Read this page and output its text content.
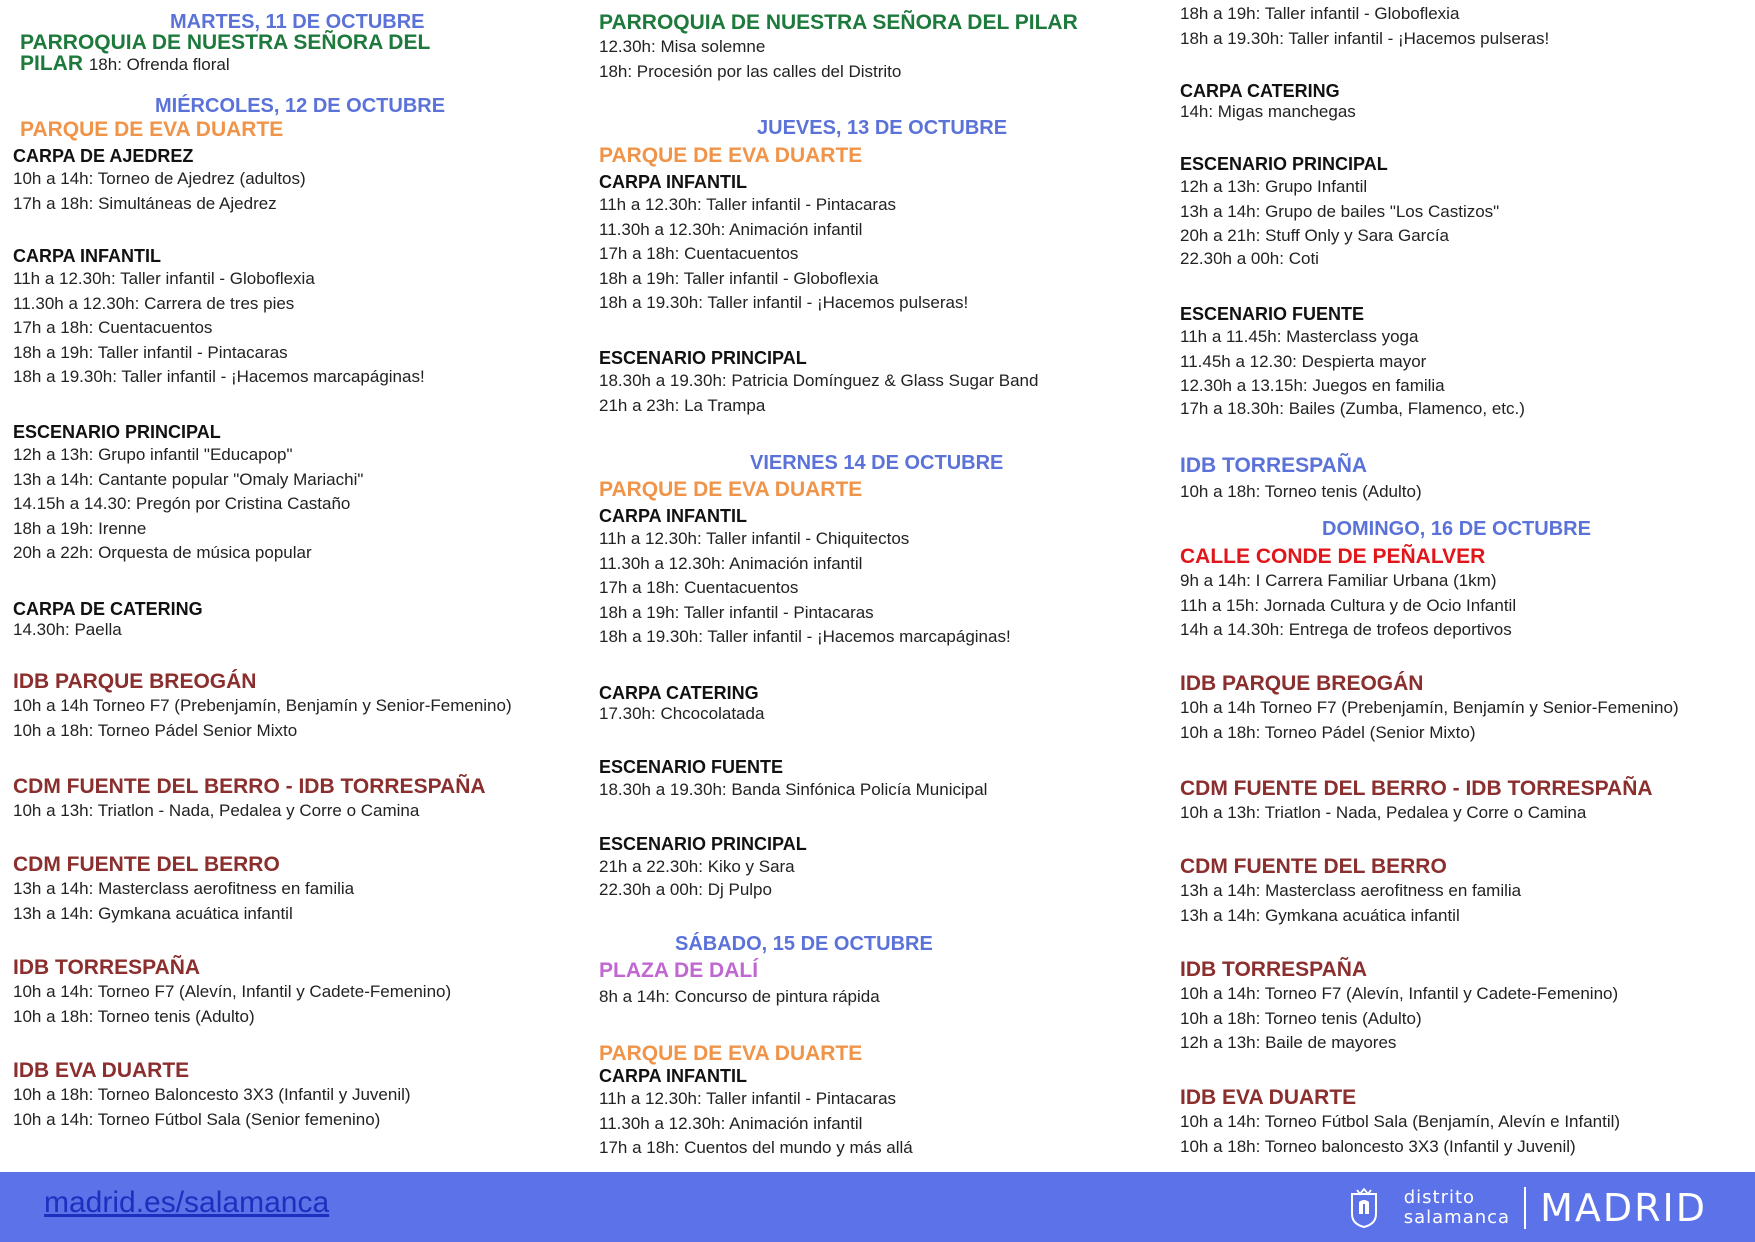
MARTES, 11 DE OCTUBRE
PARROQUIA DE NUESTRA SEÑORA DEL
PILAR 18h: Ofrenda floral
MIÉRCOLES, 12 DE OCTUBRE
PARQUE DE EVA DUARTE
CARPA DE AJEDREZ
10h a 14h: Torneo de Ajedrez (adultos)
17h a 18h: Simultáneas de Ajedrez
CARPA INFANTIL
11h a 12.30h: Taller infantil - Globoflexia
11.30h a 12.30h: Carrera de tres pies
17h a 18h: Cuentacuentos
18h a 19h: Taller infantil - Pintacaras
18h a 19.30h: Taller infantil - ¡Hacemos marcapáginas!
ESCENARIO PRINCIPAL
12h a 13h: Grupo infantil "Educapop"
13h a 14h: Cantante popular "Omaly Mariachi"
14.15h a 14.30: Pregón por Cristina Castaño
18h a 19h: Irenne
20h a 22h: Orquesta de música popular
CARPA DE CATERING
14.30h: Paella
IDB PARQUE BREOGÁN
10h a 14h Torneo F7 (Prebenjamín, Benjamín y Senior-Femenino)
10h a 18h: Torneo Pádel Senior Mixto
CDM FUENTE DEL BERRO - IDB TORRESPAÑA
10h a 13h: Triatlon - Nada, Pedalea y Corre o Camina
CDM FUENTE DEL BERRO
13h a 14h: Masterclass aerofitness en familia
13h a 14h: Gymkana acuática infantil
IDB TORRESPAÑA
10h a 14h: Torneo F7 (Alevín, Infantil y Cadete-Femenino)
10h a 18h: Torneo tenis (Adulto)
IDB EVA DUARTE
10h a 18h: Torneo Baloncesto 3X3 (Infantil y Juvenil)
10h a 14h: Torneo Fútbol Sala (Senior femenino)
PARROQUIA DE NUESTRA SEÑORA DEL PILAR
12.30h: Misa solemne
18h: Procesión por las calles del Distrito
JUEVES, 13 DE OCTUBRE
PARQUE DE EVA DUARTE
CARPA INFANTIL
11h a 12.30h: Taller infantil - Pintacaras
11.30h a 12.30h: Animación infantil
17h a 18h: Cuentacuentos
18h a 19h: Taller infantil - Globoflexia
18h a 19.30h: Taller infantil - ¡Hacemos pulseras!
ESCENARIO PRINCIPAL
18.30h a 19.30h: Patricia Domínguez & Glass Sugar Band
21h a 23h: La Trampa
VIERNES 14 DE OCTUBRE
PARQUE DE EVA DUARTE
CARPA INFANTIL
11h a 12.30h: Taller infantil - Chiquitectos
11.30h a 12.30h: Animación infantil
17h a 18h: Cuentacuentos
18h a 19h: Taller infantil - Pintacaras
18h a 19.30h: Taller infantil - ¡Hacemos marcapáginas!
CARPA CATERING
17.30h: Chcocolatada
ESCENARIO FUENTE
18.30h a 19.30h: Banda Sinfónica Policía Municipal
ESCENARIO PRINCIPAL
21h a 22.30h: Kiko y Sara
22.30h a 00h: Dj Pulpo
SÁBADO, 15 DE OCTUBRE
PLAZA DE DALÍ
8h a 14h: Concurso de pintura rápida
PARQUE DE EVA DUARTE
CARPA INFANTIL
11h a 12.30h: Taller infantil - Pintacaras
11.30h a 12.30h: Animación infantil
17h a 18h: Cuentos del mundo y más allá
18h a 19h: Taller infantil - Globoflexia
18h a 19.30h: Taller infantil - ¡Hacemos pulseras!
CARPA CATERING
14h: Migas manchegas
ESCENARIO PRINCIPAL
12h a 13h: Grupo Infantil
13h a 14h: Grupo de bailes "Los Castizos"
20h a 21h: Stuff Only y Sara García
22.30h a 00h: Coti
ESCENARIO FUENTE
11h a 11.45h: Masterclass yoga
11.45h a 12.30: Despierta mayor
12.30h a 13.15h: Juegos en familia
17h a 18.30h: Bailes (Zumba, Flamenco, etc.)
IDB TORRESPAÑA
10h a 18h: Torneo tenis (Adulto)
DOMINGO, 16 DE OCTUBRE
CALLE CONDE DE PEÑALVER
9h a 14h: I Carrera Familiar Urbana (1km)
11h a 15h: Jornada Cultura y de Ocio Infantil
14h a 14.30h: Entrega de trofeos deportivos
IDB PARQUE BREOGÁN
10h a 14h Torneo F7 (Prebenjamín, Benjamín y Senior-Femenino)
10h a 18h: Torneo Pádel (Senior Mixto)
CDM FUENTE DEL BERRO - IDB TORRESPAÑA
10h a 13h: Triatlon - Nada, Pedalea y Corre o Camina
CDM FUENTE DEL BERRO
13h a 14h: Masterclass aerofitness en familia
13h a 14h: Gymkana acuática infantil
IDB TORRESPAÑA
10h a 14h: Torneo F7 (Alevín, Infantil y Cadete-Femenino)
10h a 18h: Torneo tenis (Adulto)
12h a 13h: Baile de mayores
IDB EVA DUARTE
10h a 14h: Torneo Fútbol Sala (Benjamín, Alevín e Infantil)
10h a 18h: Torneo baloncesto 3X3 (Infantil y Juvenil)
madrid.es/salamanca	distrito
salamanca MADRID
